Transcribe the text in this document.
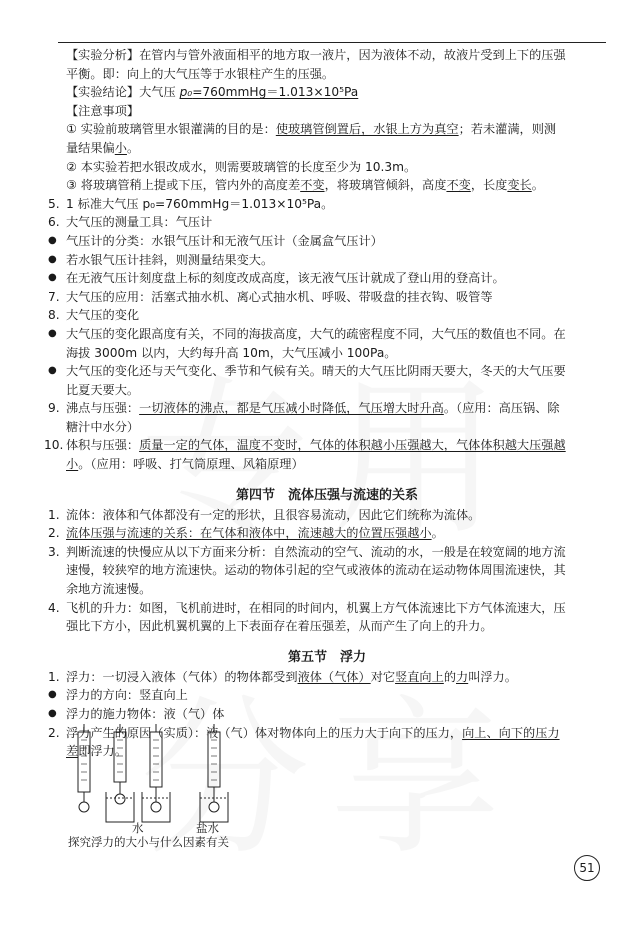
【实验分析】在管内与管外液面相平的地方取一液片，因为液体不动，故液片受到上下的压强
平衡。即：向上的大气压等于水银柱产生的压强。
【实验结论】大气压 p₀=760mmHg＝1.013×10⁵Pa
【注意事项】
① 实验前玻璃管里水银灌满的目的是：使玻璃管倒置后，水银上方为真空；若未灌满，则测
量结果偏小。
② 本实验若把水银改成水，则需要玻璃管的长度至少为 10.3m。
③ 将玻璃管稍上提或下压，管内外的高度差不变，将玻璃管倾斜，高度不变，长度变长。
5. 1 标准大气压 p₀=760mmHg＝1.013×10⁵Pa。
6. 大气压的测量工具：气压计
● 气压计的分类：水银气压计和无液气压计（金属盒气压计）
● 若水银气压计挂斜，则测量结果变大。
● 在无液气压计刻度盘上标的刻度改成高度，该无液气压计就成了登山用的登高计。
7. 大气压的应用：活塞式抽水机、离心式抽水机、呼吸、带吸盘的挂衣钩、吸管等
8. 大气压的变化
● 大气压的变化跟高度有关，不同的海拔高度，大气的疏密程度不同，大气压的数值也不同。在
海拔 3000m 以内，大约每升高 10m，大气压减小 100Pa。
● 大气压的变化还与天气变化、季节和气候有关。晴天的大气压比阴雨天要大，冬天的大气压要
比夏天要大。
9. 沸点与压强：一切液体的沸点，都是气压减小时降低，气压增大时升高。（应用：高压锅、除
糖汁中水分）
10. 体积与压强：质量一定的气体，温度不变时，气体的体积越小压强越大，气体体积越大压强越
小。（应用：呼吸、打气筒原理、风箱原理）
第四节　流体压强与流速的关系
1. 流体：液体和气体都没有一定的形状，且很容易流动，因此它们统称为流体。
2. 流体压强与流速的关系：在气体和液体中，流速越大的位置压强越小。
3. 判断流速的快慢应从以下方面来分析：自然流动的空气、流动的水，一般是在较宽阔的地方流
速慢，较狭窄的地方流速快。运动的物体引起的空气或液体的流动在运动物体周围流速快，其
余地方流速慢。
4. 飞机的升力：如图，飞机前进时，在相同的时间内，机翼上方气体流速比下方气体流速大，压
强比下方小，因此机翼机翼的上下表面存在着压强差，从而产生了向上的升力。
第五节　浮力
1. 浮力：一切浸入液体（气体）的物体都受到液体（气体）对它竖直向上的力叫浮力。
● 浮力的方向：竖直向上
● 浮力的施力物体：液（气）体
2. 浮力产生的原因（实质）：液（气）体对物体向上的压力大于向下的压力，向上、向下的压力
差即浮力。
水	盐水
探究浮力的大小与什么因素有关
51
